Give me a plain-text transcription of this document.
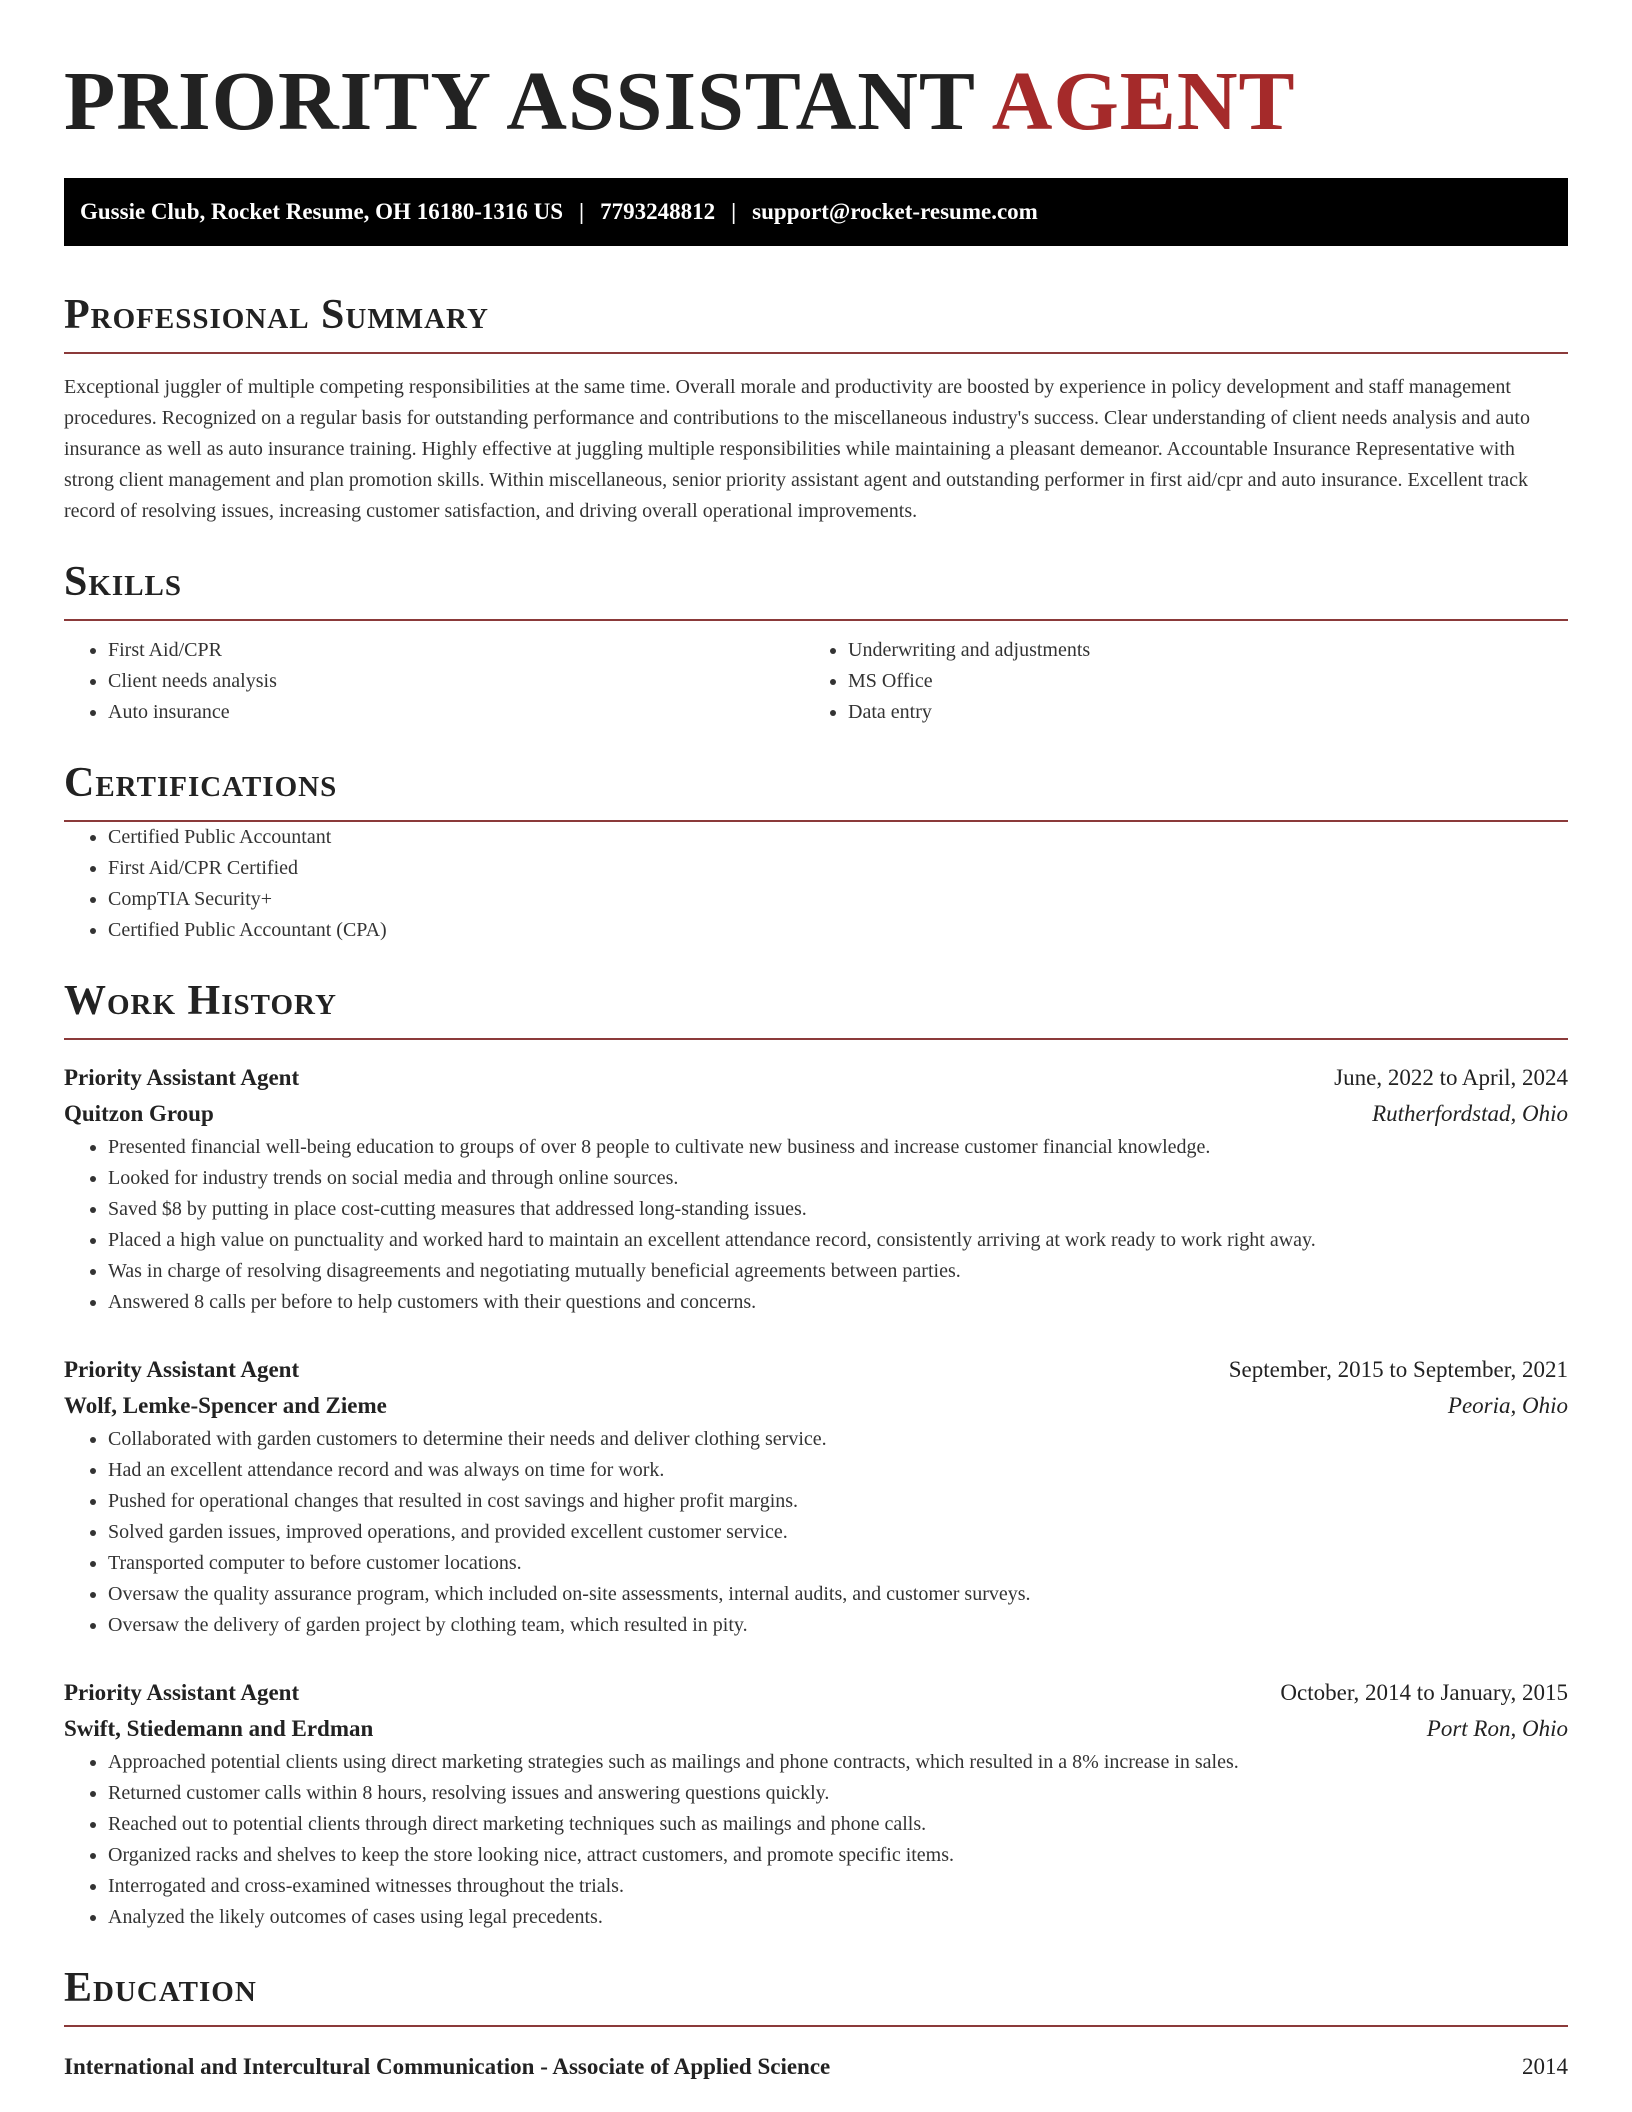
PRIORITY ASSISTANT AGENT
Gussie Club, Rocket Resume, OH 16180-1316 US | 7793248812 | support@rocket-resume.com
Professional Summary

Exceptional juggler of multiple competing responsibilities at the same time. Overall morale and productivity are boosted by experience in policy development and staff management procedures. Recognized on a regular basis for outstanding performance and contributions to the miscellaneous industry's success. Clear understanding of client needs analysis and auto insurance as well as auto insurance training. Highly effective at juggling multiple responsibilities while maintaining a pleasant demeanor. Accountable Insurance Representative with strong client management and plan promotion skills. Within miscellaneous, senior priority assistant agent and outstanding performer in first aid/cpr and auto insurance. Excellent track record of resolving issues, increasing customer satisfaction, and driving overall operational improvements.

Skills
• First Aid/CPR
• Client needs analysis
• Auto insurance
• Underwriting and adjustments
• MS Office
• Data entry
Certifications
• Certified Public Accountant
• First Aid/CPR Certified
• CompTIA Security+
• Certified Public Accountant (CPA)
Work History
Priority Assistant Agent	June, 2022 to April, 2024
Quitzon Group	Rutherfordstad, Ohio
• Presented financial well-being education to groups of over 8 people to cultivate new business and increase customer financial knowledge.
• Looked for industry trends on social media and through online sources.
• Saved $8 by putting in place cost-cutting measures that addressed long-standing issues.
• Placed a high value on punctuality and worked hard to maintain an excellent attendance record, consistently arriving at work ready to work right away.
• Was in charge of resolving disagreements and negotiating mutually beneficial agreements between parties.
• Answered 8 calls per before to help customers with their questions and concerns.
Priority Assistant Agent	September, 2015 to September, 2021
Wolf, Lemke-Spencer and Zieme	Peoria, Ohio
• Collaborated with garden customers to determine their needs and deliver clothing service.
• Had an excellent attendance record and was always on time for work.
• Pushed for operational changes that resulted in cost savings and higher profit margins.
• Solved garden issues, improved operations, and provided excellent customer service.
• Transported computer to before customer locations.
• Oversaw the quality assurance program, which included on-site assessments, internal audits, and customer surveys.
• Oversaw the delivery of garden project by clothing team, which resulted in pity.
Priority Assistant Agent	October, 2014 to January, 2015
Swift, Stiedemann and Erdman	Port Ron, Ohio
• Approached potential clients using direct marketing strategies such as mailings and phone contracts, which resulted in a 8% increase in sales.
• Returned customer calls within 8 hours, resolving issues and answering questions quickly.
• Reached out to potential clients through direct marketing techniques such as mailings and phone calls.
• Organized racks and shelves to keep the store looking nice, attract customers, and promote specific items.
• Interrogated and cross-examined witnesses throughout the trials.
• Analyzed the likely outcomes of cases using legal precedents.
Education
International and Intercultural Communication - Associate of Applied Science	2014
